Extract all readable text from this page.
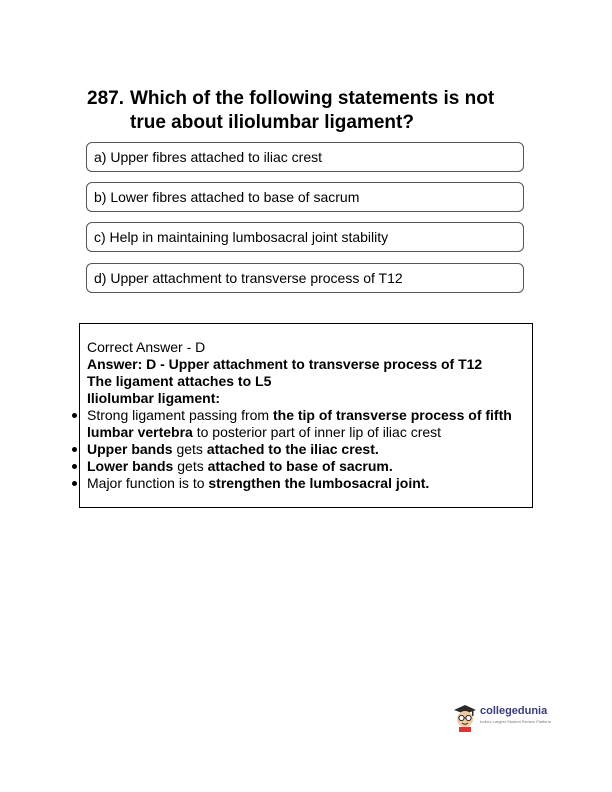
287. Which of the following statements is not
true about iliolumbar ligament?
a) Upper fibres attached to iliac crest
b) Lower fibres attached to base of sacrum
c) Help in maintaining lumbosacral joint stability
d) Upper attachment to transverse process of T12
Correct Answer - D
Answer: D - Upper attachment to transverse process of T12
The ligament attaches to L5
Iliolumbar ligament:
Strong ligament passing from the tip of transverse process of fifth
lumbar vertebra to posterior part of inner lip of iliac crest
Upper bands gets attached to the iliac crest.
Lower bands gets attached to base of sacrum.
Major function is to strengthen the lumbosacral joint.
collegedunia
India's Largest Student Review Platform
